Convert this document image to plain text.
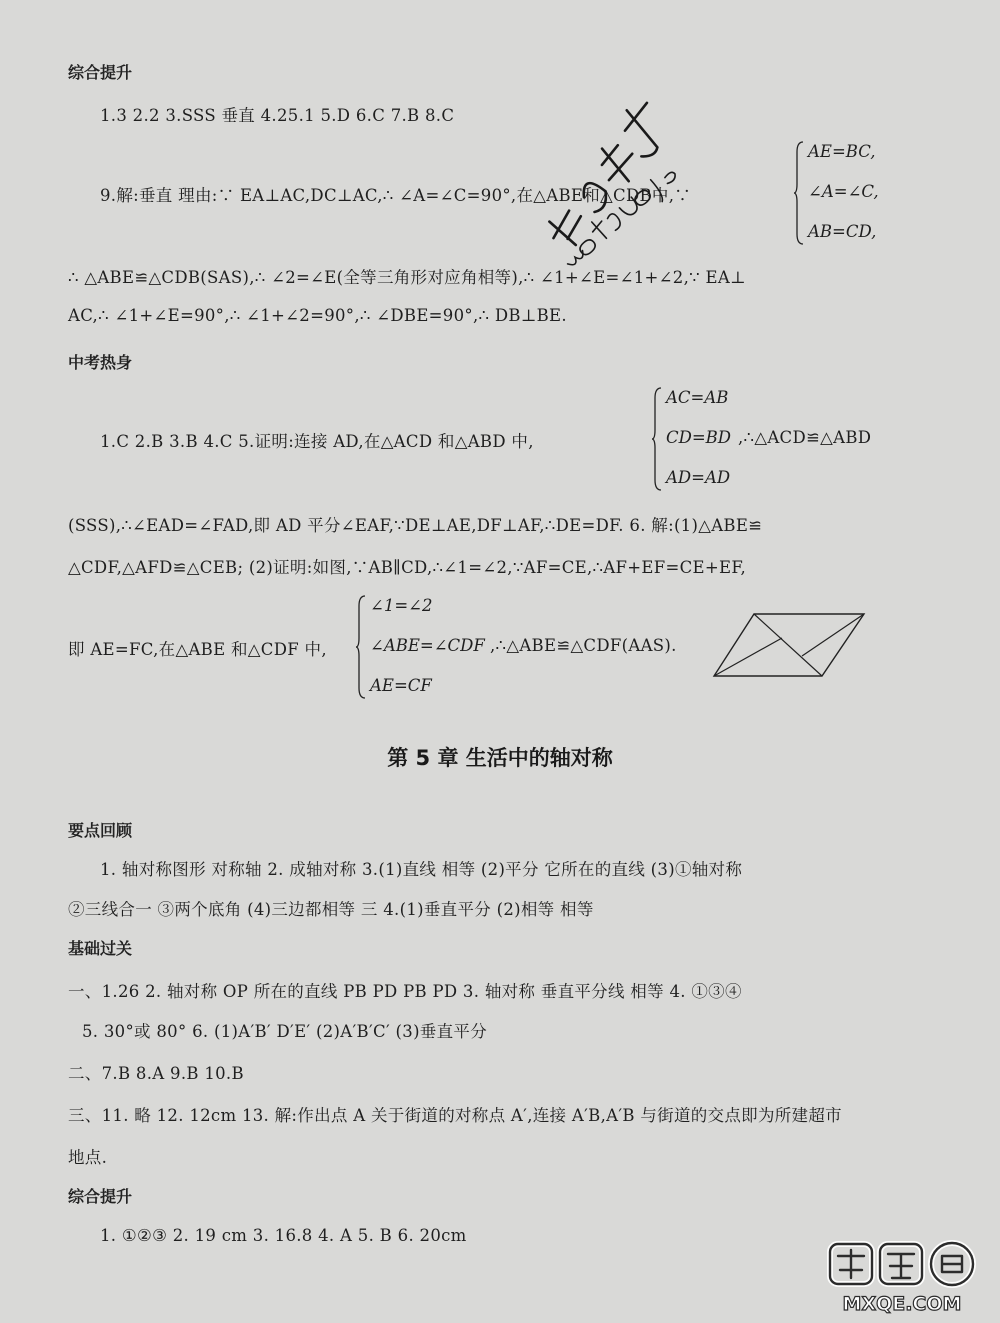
综合提升
1.3 2.2 3.SSS 垂直 4.25.1 5.D 6.C 7.B 8.C
9.解:垂直 理由:∵ EA⊥AC,DC⊥AC,∴ ∠A=∠C=90°,在△ABE和△CDB中,∵
AE=BC,
∠A=∠C,
AB=CD,
∴ △ABE≌△CDB(SAS),∴ ∠2=∠E(全等三角形对应角相等),∴ ∠1+∠E=∠1+∠2,∵ EA⊥
AC,∴ ∠1+∠E=90°,∴ ∠1+∠2=90°,∴ ∠DBE=90°,∴ DB⊥BE.
中考热身
1.C 2.B 3.B 4.C 5.证明:连接 AD,在△ACD 和△ABD 中,
AC=AB
CD=BD
AD=AD
,∴△ACD≌△ABD
(SSS),∴∠EAD=∠FAD,即 AD 平分∠EAF,∵DE⊥AE,DF⊥AF,∴DE=DF. 6. 解:(1)△ABE≌
△CDF,△AFD≌△CEB; (2)证明:如图,∵AB∥CD,∴∠1=∠2,∵AF=CE,∴AF+EF=CE+EF,
即 AE=FC,在△ABE 和△CDF 中,
∠1=∠2
∠ABE=∠CDF
AE=CF
,∴△ABE≌△CDF(AAS).
第 5 章 生活中的轴对称
要点回顾
1. 轴对称图形 对称轴 2. 成轴对称 3.(1)直线 相等 (2)平分 它所在的直线 (3)①轴对称
②三线合一 ③两个底角 (4)三边都相等 三 4.(1)垂直平分 (2)相等 相等
基础过关
一、1.26 2. 轴对称 OP 所在的直线 PB PD PB PD 3. 轴对称 垂直平分线 相等 4. ①③④
5. 30°或 80° 6. (1)A′B′ D′E′ (2)A′B′C′ (3)垂直平分
二、7.B 8.A 9.B 10.B
三、11. 略 12. 12cm 13. 解:作出点 A 关于街道的对称点 A′,连接 A′B,A′B 与街道的交点即为所建超市
地点.
综合提升
1. ①②③ 2. 19 cm 3. 16.8 4. A 5. B 6. 20cm
MXQE.COM
